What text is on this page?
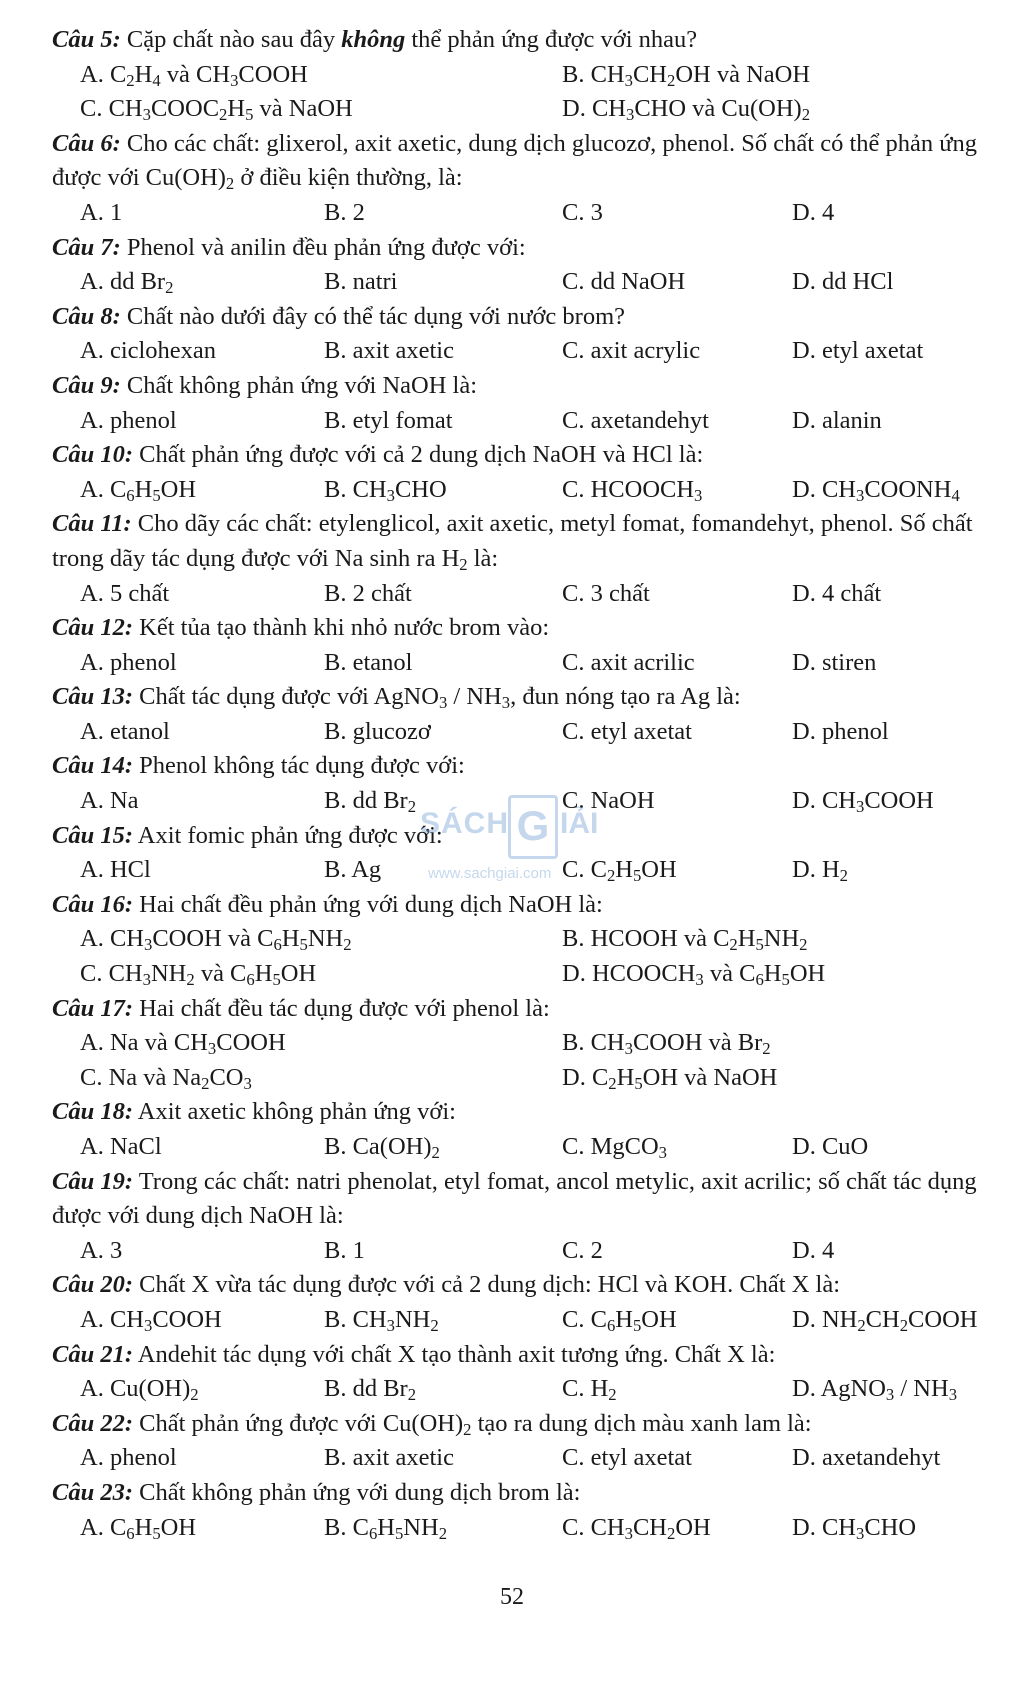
Câu 5: Cặp chất nào sau đây không thể phản ứng được với nhau?

A. $C_2H_4$ và $CH_3COOH$	B. $CH_3CH_2OH$ và NaOH
C. $CH_3COOC_2H_5$ và NaOH	D. $CH_3CHO$ và $Cu(OH)_2$

Câu 6: Cho các chất: glixerol, axit axetic, dung dịch glucozơ, phenol. Số chất có thể phản ứng được với $Cu(OH)_2$ ở điều kiện thường, là:

A. 1	B. 2	C. 3	D. 4

Câu 7: Phenol và anilin đều phản ứng được với:

A. dd $Br_2$	B. natri	C. dd NaOH	D. dd HCl

Câu 8: Chất nào dưới đây có thể tác dụng với nước brom?

A. ciclohexan	B. axit axetic	C. axit acrylic	D. etyl axetat

Câu 9: Chất không phản ứng với NaOH là:

A. phenol	B. etyl fomat	C. axetandehyt	D. alanin

Câu 10: Chất phản ứng được với cả 2 dung dịch NaOH và HCl là:

A. $C_6H_5OH$	B. $CH_3CHO$	C. $HCOOCH_3$	D. $CH_3COONH_4$

Câu 11: Cho dãy các chất: etylenglicol, axit axetic, metyl fomat, fomandehyt, phenol. Số chất trong dãy tác dụng được với Na sinh ra $H_2$ là:

A. 5 chất	B. 2 chất	C. 3 chất	D. 4 chất

Câu 12: Kết tủa tạo thành khi nhỏ nước brom vào:

A. phenol	B. etanol	C. axit acrilic	D. stiren

Câu 13: Chất tác dụng được với AgNO$_3$ / $NH_3$, đun nóng tạo ra Ag là:

A. etanol	B. glucozơ	C. etyl axetat	D. phenol

Câu 14: Phenol không tác dụng được với:

A. Na	B. dd $Br_2$	C. NaOH	D. $CH_3COOH$

Câu 15: Axit fomic phản ứng được với:

A. HCl	B. Ag	C. $C_2H_5OH$	D. $H_2$

Câu 16: Hai chất đều phản ứng với dung dịch NaOH là:

A. $CH_3COOH$ và $C_6H_5NH_2$	B. HCOOH và $C_2H_5NH_2$
C. $CH_3NH_2$ và $C_6H_5OH$	D. $HCOOCH_3$ và $C_6H_5OH$

Câu 17: Hai chất đều tác dụng được với phenol là:

A. Na và $CH_3COOH$	B. $CH_3COOH$ và $Br_2$
C. Na và $Na_2CO_3$	D. $C_2H_5OH$ và NaOH

Câu 18: Axit axetic không phản ứng với:

A. NaCl	B. $Ca(OH)_2$	C. MgCO$_3$	D. CuO

Câu 19: Trong các chất: natri phenolat, etyl fomat, ancol metylic, axit acrilic; số chất tác dụng được với dung dịch NaOH là:

A. 3	B. 1	C. 2	D. 4

Câu 20: Chất X vừa tác dụng được với cả 2 dung dịch: HCl và KOH. Chất X là:

A. $CH_3COOH$	B. $CH_3NH_2$	C. $C_6H_5OH$	D. $NH_2CH_2COOH$

Câu 21: Andehit tác dụng với chất X tạo thành axit tương ứng. Chất X là:

A. $Cu(OH)_2$	B. dd $Br_2$	C. $H_2$	D. AgNO$_3$ / $NH_3$

Câu 22: Chất phản ứng được với $Cu(OH)_2$ tạo ra dung dịch màu xanh lam là:

A. phenol	B. axit axetic	C. etyl axetat	D. axetandehyt

Câu 23: Chất không phản ứng với dung dịch brom là:

A. $C_6H_5OH$	B. $C_6H_5NH_2$	C. $CH_3CH_2OH$	D. $CH_3CHO$
SÁCH G IẢI
www.sachgiai.com
52
